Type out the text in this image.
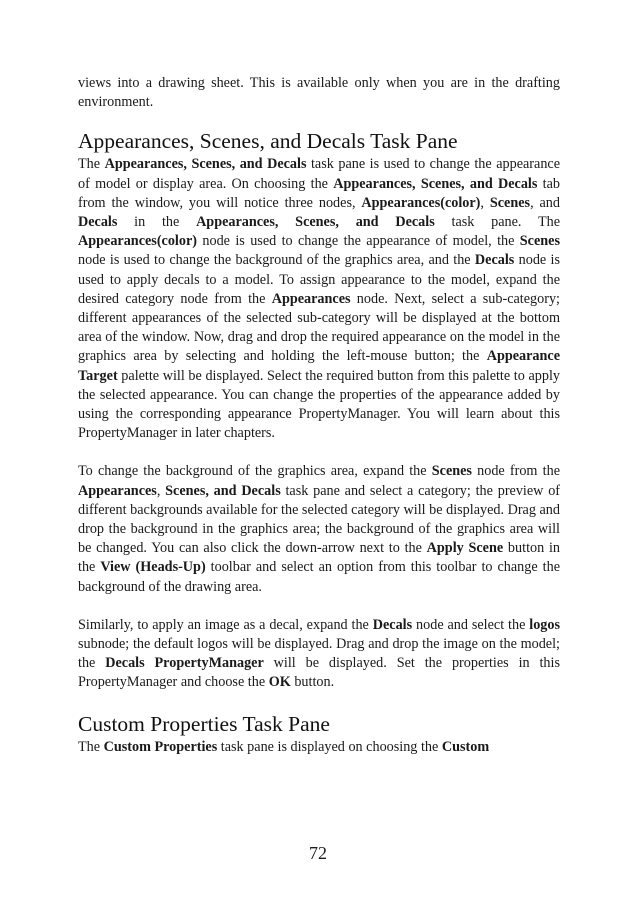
views into a drawing sheet. This is available only when you are in the drafting environment.

Appearances, Scenes, and Decals Task Pane

The Appearances, Scenes, and Decals task pane is used to change the appearance of model or display area. On choosing the Appearances, Scenes, and Decals tab from the window, you will notice three nodes, Appearances(color), Scenes, and Decals in the Appearances, Scenes, and Decals task pane. The Appearances(color) node is used to change the appearance of model, the Scenes node is used to change the background of the graphics area, and the Decals node is used to apply decals to a model. To assign appearance to the model, expand the desired category node from the Appearances node. Next, select a sub-category; different appearances of the selected sub-category will be displayed at the bottom area of the window. Now, drag and drop the required appearance on the model in the graphics area by selecting and holding the left-mouse button; the Appearance Target palette will be displayed. Select the required button from this palette to apply the selected appearance. You can change the properties of the appearance added by using the corresponding appearance PropertyManager. You will learn about this PropertyManager in later chapters.

To change the background of the graphics area, expand the Scenes node from the Appearances, Scenes, and Decals task pane and select a category; the preview of different backgrounds available for the selected category will be displayed. Drag and drop the background in the graphics area; the background of the graphics area will be changed. You can also click the down-arrow next to the Apply Scene button in the View (Heads-Up) toolbar and select an option from this toolbar to change the background of the drawing area.

Similarly, to apply an image as a decal, expand the Decals node and select the logos subnode; the default logos will be displayed. Drag and drop the image on the model; the Decals PropertyManager will be displayed. Set the properties in this PropertyManager and choose the OK button.

Custom Properties Task Pane

The Custom Properties task pane is displayed on choosing the Custom

72
